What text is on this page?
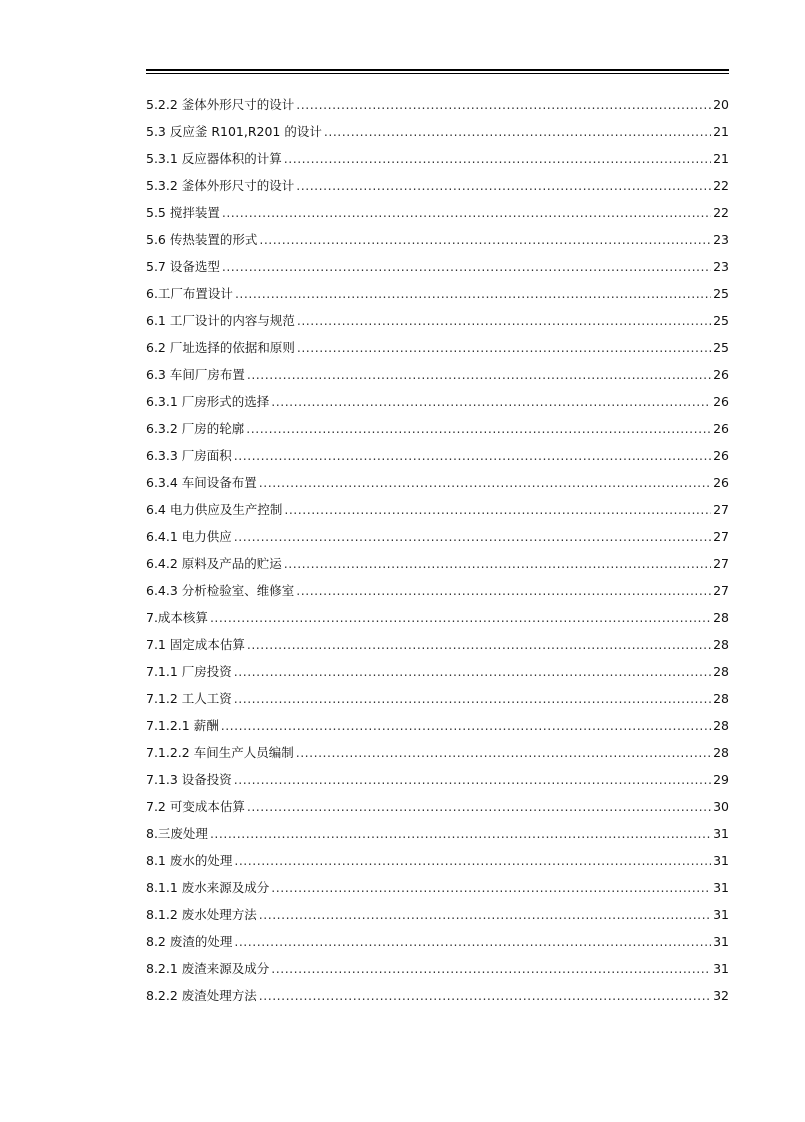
5.2.2 釜体外形尺寸的设计 .....	20
5.3 反应釜 R101,R201 的设计 .....	21
5.3.1 反应器体积的计算 .....	21
5.3.2 釜体外形尺寸的设计 .....	22
5.5 搅拌装置 .....	22
5.6 传热装置的形式 .....	23
5.7 设备选型 .....	23
6.工厂布置设计 .....	25
6.1 工厂设计的内容与规范 .....	25
6.2 厂址选择的依据和原则 .....	25
6.3 车间厂房布置 .....	26
6.3.1 厂房形式的选择 .....	26
6.3.2 厂房的轮廓 .....	26
6.3.3 厂房面积 .....	26
6.3.4 车间设备布置 .....	26
6.4 电力供应及生产控制 .....	27
6.4.1 电力供应 .....	27
6.4.2 原料及产品的贮运 .....	27
6.4.3 分析检验室、维修室 .....	27
7.成本核算 .....	28
7.1 固定成本估算 .....	28
7.1.1 厂房投资 .....	28
7.1.2 工人工资 .....	28
7.1.2.1 薪酬 .....	28
7.1.2.2 车间生产人员编制 .....	28
7.1.3 设备投资 .....	29
7.2 可变成本估算 .....	30
8.三废处理 .....	31
8.1 废水的处理 .....	31
8.1.1 废水来源及成分 .....	31
8.1.2 废水处理方法 .....	31
8.2 废渣的处理 .....	31
8.2.1 废渣来源及成分 .....	31
8.2.2 废渣处理方法 .....	32
